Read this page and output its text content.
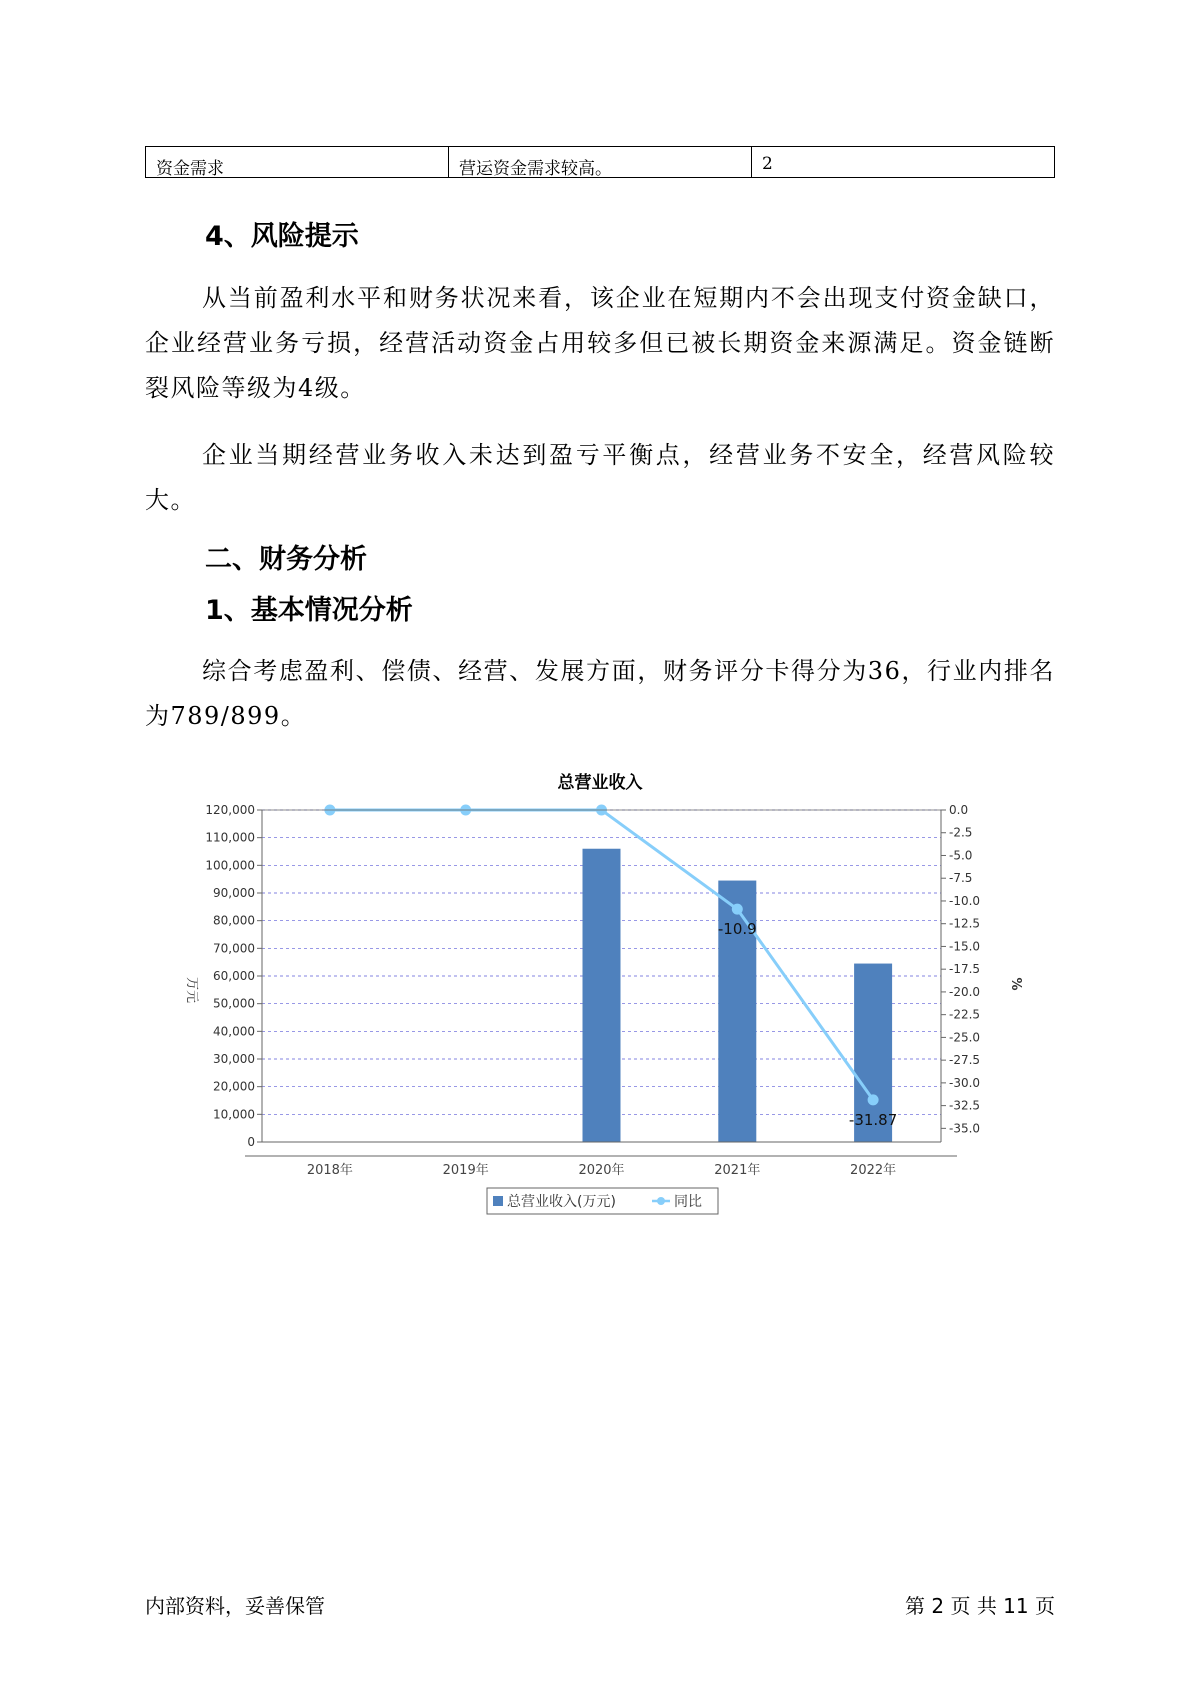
资金需求	营运资金需求较高。	2
4、风险提示

从当前盈利水平和财务状况来看，该企业在短期内不会出现支付资金缺口，企业经营业务亏损，经营活动资金占用较多但已被长期资金来源满足。资金链断裂风险等级为4级。

企业当期经营业务收入未达到盈亏平衡点，经营业务不安全，经营风险较大。

二、财务分析
1、基本情况分析

综合考虑盈利、偿债、经营、发展方面，财务评分卡得分为36，行业内排名为789/899。

总营业收入
-10.9
-31.87
0
10,000
20,000
30,000
40,000
50,000
60,000
70,000
80,000
90,000
100,000
110,000
120,000	0.0
-2.5
-5.0
-7.5
-10.0
-12.5
-15.0
-17.5
-20.0
-22.5
-25.0
-27.5
-30.0
-32.5
-35.0
2018年	2019年	2020年	2021年	2022年
万元	%
总营业收入(万元)	同比
内部资料，妥善保管	第 2 页 共 11 页
